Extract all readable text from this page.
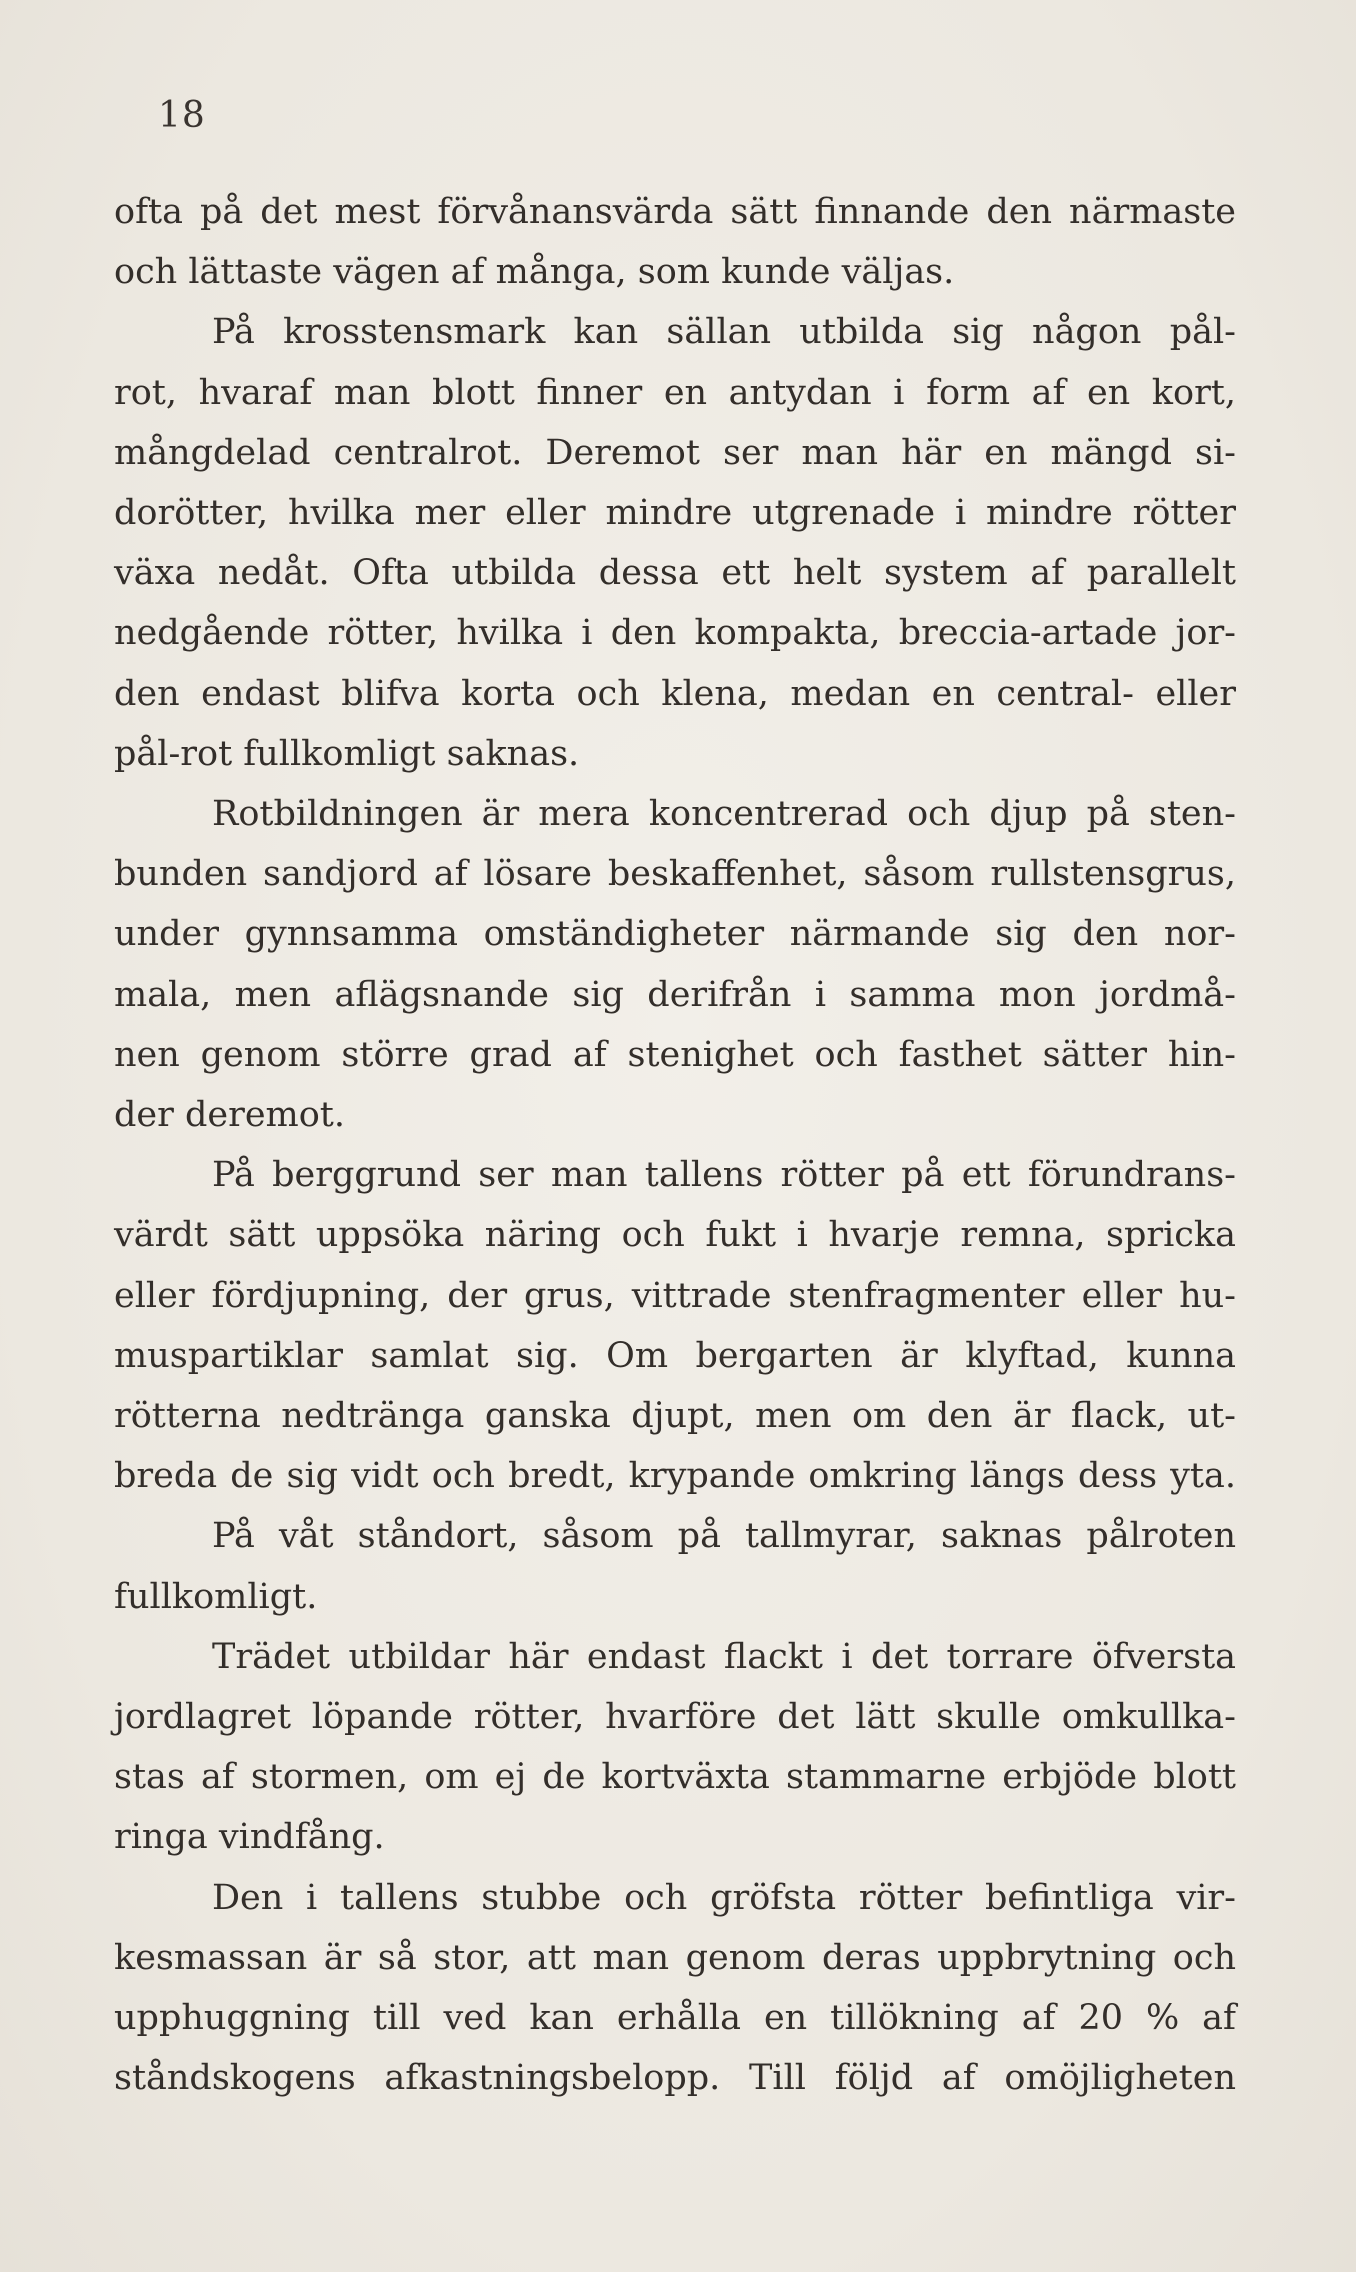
18
ofta på det mest förvånansvärda sätt finnande den närmaste
och lättaste vägen af många, som kunde väljas.
På krosstensmark kan sällan utbilda sig någon pål-
rot, hvaraf man blott finner en antydan i form af en kort,
mångdelad centralrot. Deremot ser man här en mängd si-
dorötter, hvilka mer eller mindre utgrenade i mindre rötter
växa nedåt. Ofta utbilda dessa ett helt system af parallelt
nedgående rötter, hvilka i den kompakta, breccia-artade jor-
den endast blifva korta och klena, medan en central- eller
pål-rot fullkomligt saknas.
Rotbildningen är mera koncentrerad och djup på sten-
bunden sandjord af lösare beskaffenhet, såsom rullstensgrus,
under gynnsamma omständigheter närmande sig den nor-
mala, men aflägsnande sig derifrån i samma mon jordmå-
nen genom större grad af stenighet och fasthet sätter hin-
der deremot.
På berggrund ser man tallens rötter på ett förundrans-
värdt sätt uppsöka näring och fukt i hvarje remna, spricka
eller fördjupning, der grus, vittrade stenfragmenter eller hu-
muspartiklar samlat sig. Om bergarten är klyftad, kunna
rötterna nedtränga ganska djupt, men om den är flack, ut-
breda de sig vidt och bredt, krypande omkring längs dess yta.
På våt ståndort, såsom på tallmyrar, saknas pålroten
fullkomligt.
Trädet utbildar här endast flackt i det torrare öfversta
jordlagret löpande rötter, hvarföre det lätt skulle omkullka-
stas af stormen, om ej de kortväxta stammarne erbjöde blott
ringa vindfång.
Den i tallens stubbe och gröfsta rötter befintliga vir-
kesmassan är så stor, att man genom deras uppbrytning och
upphuggning till ved kan erhålla en tillökning af 20 % af
ståndskogens afkastningsbelopp. Till följd af omöjligheten
